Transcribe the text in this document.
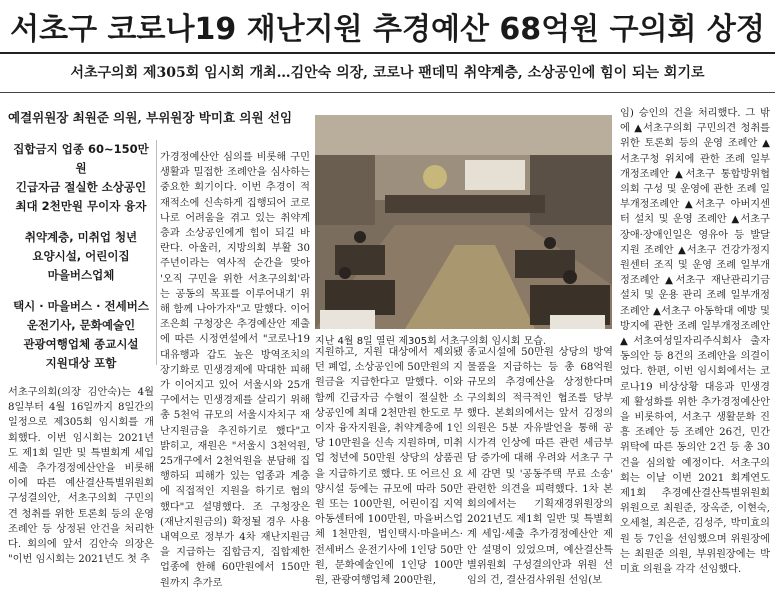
서초구 코로나19 재난지원 추경예산 68억원 구의회 상정
서초구의회 제305회 임시회 개최…김안숙 의장, 코로나 팬데믹 취약계층, 소상공인에 힘이 되는 회기로
예결위원장 최원준 의원, 부위원장 박미효 의원 선임

집합금지 업종 60~150만원
긴급자금 절실한 소상공인
최대 2천만원 무이자 융자

취약계층, 미취업 청년
요양시설, 어린이집
마을버스업체

택시 · 마을버스 · 전세버스
운전기사, 문화예술인
관광여행업체 종교시설
지원대상 포함

서초구의회(의장 김안숙)는 4월 8일부터 4월 16일까지 8일간의 일정으로 제305회 임시회를 개회했다. 이번 임시회는 2021년도 제1회 일반 및 특별회계 세입세출 추가경정예산안을 비롯해 이에 따른 예산결산특별위원회 구성결의안, 서초구의회 구민의견 청취를 위한 토론회 등의 운영조례안 등 상정된 안건을 처리한다. 회의에 앞서 김안숙 의장은 "이번 임시회는 2021년도 첫 추

가경정예산안 심의를 비롯해 구민 생활과 밀접한 조례안을 심사하는 중요한 회기이다. 이번 추경이 적재적소에 신속하게 집행되어 코로나로 어려움을 겪고 있는 취약계층과 소상공인에게 힘이 되길 바란다. 아울러, 지방의회 부활 30주년이라는 역사적 순간을 맞아 '오직 구민을 위한 서초구의회'라는 공동의 목표를 이루어내기 위해 함께 나아가자"고 말했다. 이어 조은희 구청장은 추경예산안 제출에 따른 시정연설에서 "코로나19 대유행과 갑도 높은 방역조치의 장기화로 민생경제에 막대한 피해가 이어지고 있어 서울시와 25개 구에서는 민생경제를 살리기 위해 총 5천억 규모의 서울시자치구 재난지원금을 추진하기로 했다"고 밝히고, 재원은 "서울시 3천억원, 25개구에서 2천억원을 분담해 집행하되 피해가 있는 업종과 계층에 직접적인 지원을 하기로 협의했다"고 설명했다. 조 구청장은 (재난지원금의) 확정될 경우 사용 내역으로 정부가 4차 재난지원금을 지급하는 집합금지, 집합제한 업종에 한해 60만원에서 150만원까지 추가로

지원하고, 지원 대상에서 제외됐던 폐업, 소상공인에 50만원의 지원금을 지급한다고 말했다. 이와 함께 긴급자금 수혈이 절실한 소상공인에 최대 2천만원 한도로 무이자 융자지원을, 취약계층에 1인당 10만원을 신속 지원하며, 미취업 청년에 50만원 상당의 상품권을 지급하기로 했다. 또 어르신 요양시설 등에는 규모에 따라 50만원 또는 100만원, 어린이집 지역아동센터에 100만원, 마을버스업체 1천만원, 법인택시·마을버스·전세버스 운전기사에 1인당 50만원, 문화예술인에 1인당 100만원, 관광여행업체 200만원,

종교시설에 50만원 상당의 방역물품을 지급하는 등 총 68억원 규모의 추경예산을 상정한다며 구의회의 적극적인 협조를 당부했다. 본회의에서는 앞서 김정의 의원은 5분 자유발언을 통해 공시가격 인상에 따른 관련 세금부담 증가에 대해 우려와 서초구 구세 감면 및 '공동주택 무료 소송' 관련한 의견을 피력했다. 1차 본회의에서는 기획재경위원장의 2021년도 제1회 일반 및 특별회계 세입·세출 추가경정예산안 제안 설명이 있었으며, 예산결산특별위원회 구성결의안과 위원 선임의 건, 결산검사위원 선임(보

임) 승인의 건을 처리했다. 그 밖에 ▲서초구의회 구민의견 청취를 위한 토론회 등의 운영 조례안 ▲서초구청 위치에 관한 조례 일부개정조례안 ▲서초구 통합방위협의회 구성 및 운영에 관한 조례 일부개정조례안 ▲서초구 아버지센터 설치 및 운영 조례안 ▲서초구 장애·장애인일은 영유아 등 발달지원 조례안 ▲서초구 건강가정지원센터 조직 및 운영 조례 일부개정조례안 ▲서초구 재난관리기금 설치 및 운용 관리 조례 일부개정조례안 ▲서초구 아동학대 예방 및 방지에 관한 조례 일부개정조례안 ▲서초여성일자리주식회사 출자 동의안 등 8건의 조례안을 의결이었다. 한편, 이번 임시회에서는 코로나19 비상상황 대응과 민생경제 활성화를 위한 추가경정예산안을 비롯하여, 서초구 생활문화 진흥 조례안 등 조례안 26건, 민간위탁에 따른 동의안 2건 등 총 30건을 심의할 예정이다. 서초구의회는 이날 이번 2021 회계연도 제1회 추경예산결산특별위원회 위원으로 최원준, 장옥준, 이현숙, 오세철, 최은준, 김성주, 박미효의원 등 7인을 선임했으며 위원장에는 최원준 의원, 부위원장에는 박미효 의원을 각각 선임했다.

지난 4월 8일 열린 제305회 서초구의회 임시회 모습.
